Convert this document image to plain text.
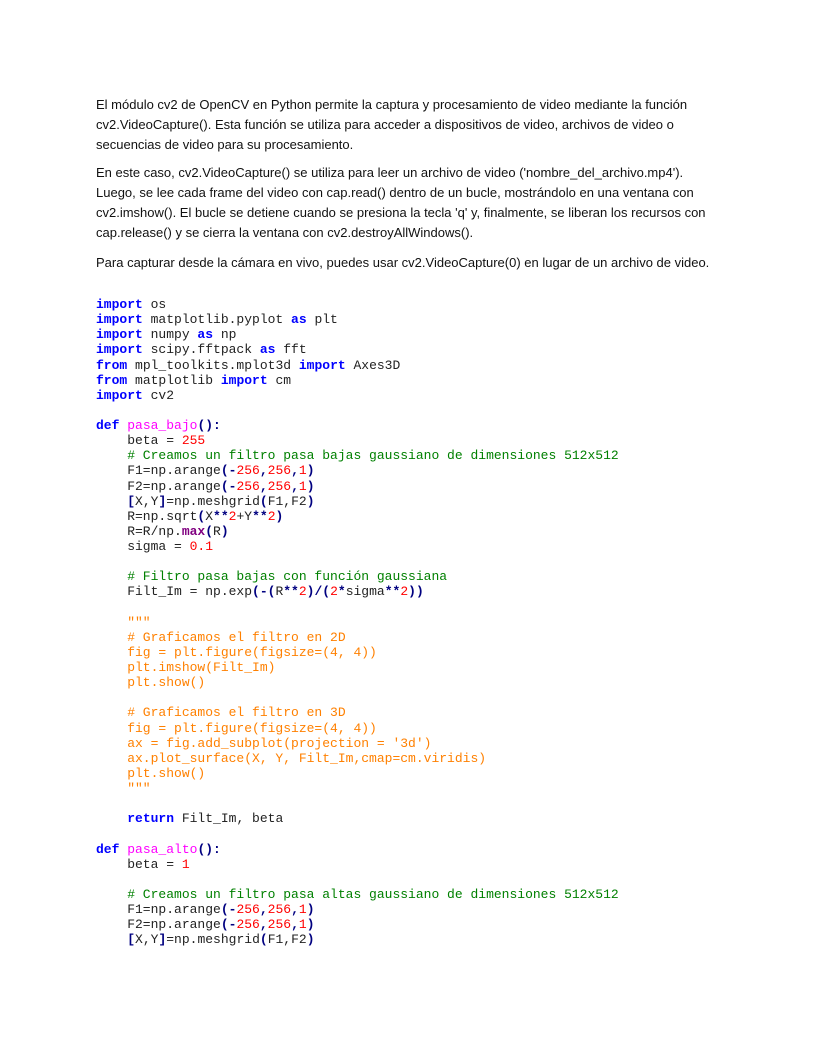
El módulo cv2 de OpenCV en Python permite la captura y procesamiento de video mediante la función
cv2.VideoCapture(). Esta función se utiliza para acceder a dispositivos de video, archivos de video o
secuencias de video para su procesamiento.
En este caso, cv2.VideoCapture() se utiliza para leer un archivo de video ('nombre_del_archivo.mp4').
Luego, se lee cada frame del video con cap.read() dentro de un bucle, mostrándolo en una ventana con
cv2.imshow(). El bucle se detiene cuando se presiona la tecla 'q' y, finalmente, se liberan los recursos con
cap.release() y se cierra la ventana con cv2.destroyAllWindows().
Para capturar desde la cámara en vivo, puedes usar cv2.VideoCapture(0) en lugar de un archivo de video.
import os
import matplotlib.pyplot as plt
import numpy as np
import scipy.fftpack as fft
from mpl_toolkits.mplot3d import Axes3D
from matplotlib import cm
import cv2
def pasa_bajo():
beta = 255
# Creamos un filtro pasa bajas gaussiano de dimensiones 512x512
F1=np.arange(-256,256,1)
F2=np.arange(-256,256,1)
[X,Y]=np.meshgrid(F1,F2)
R=np.sqrt(X**2+Y**2)
R=R/np.max(R)
sigma = 0.1
# Filtro pasa bajas con función gaussiana
Filt_Im = np.exp(-(R**2)/(2*sigma**2))
"""
# Graficamos el filtro en 2D
fig = plt.figure(figsize=(4, 4))
plt.imshow(Filt_Im)
plt.show()
# Graficamos el filtro en 3D
fig = plt.figure(figsize=(4, 4))
ax = fig.add_subplot(projection = '3d')
ax.plot_surface(X, Y, Filt_Im,cmap=cm.viridis)
plt.show()
"""
return Filt_Im, beta
def pasa_alto():
beta = 1
# Creamos un filtro pasa altas gaussiano de dimensiones 512x512
F1=np.arange(-256,256,1)
F2=np.arange(-256,256,1)
[X,Y]=np.meshgrid(F1,F2)
